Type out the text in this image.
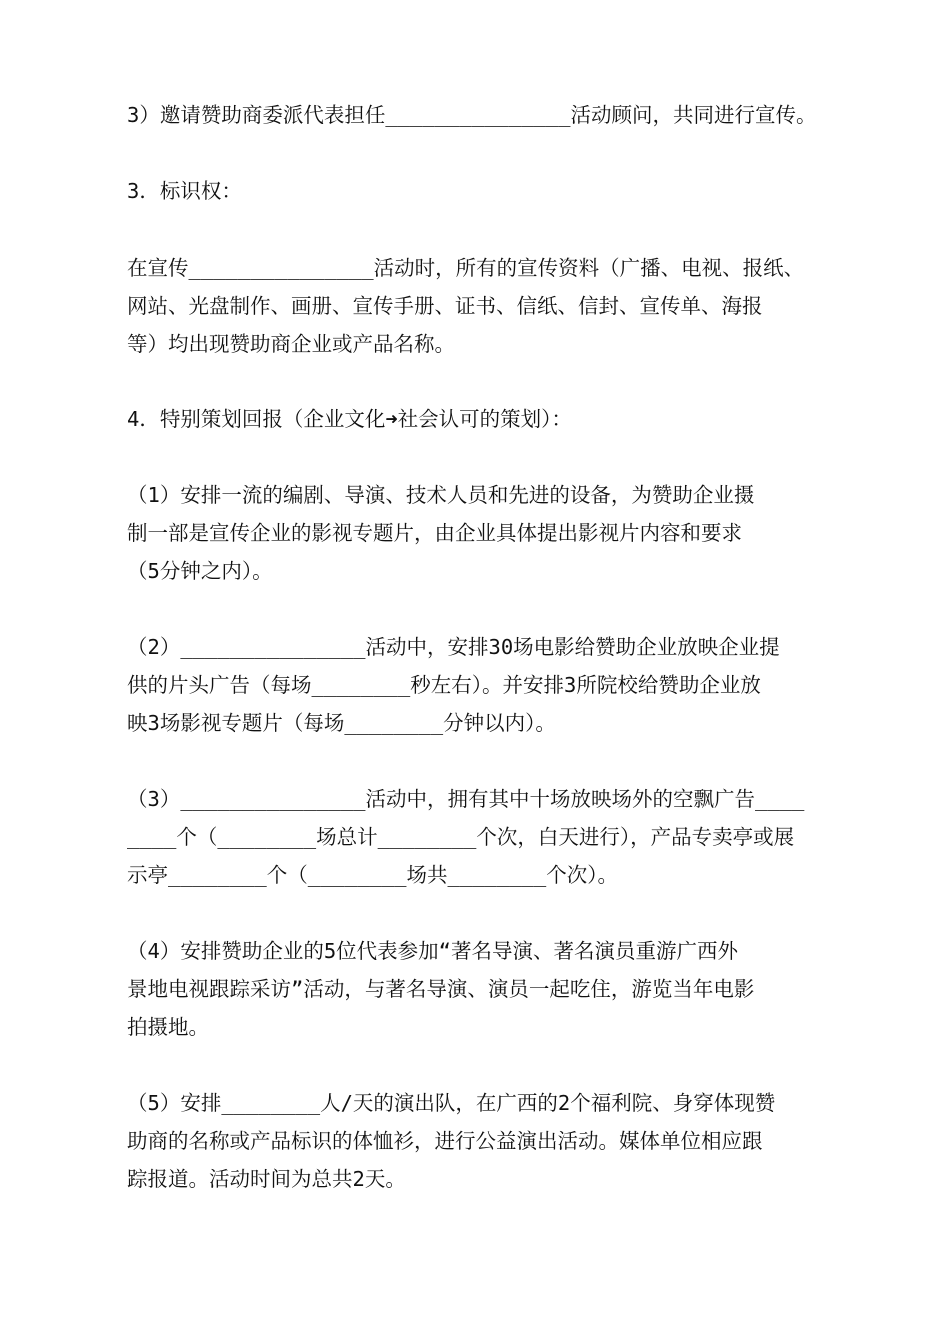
3）邀请赞助商委派代表担任_______________活动顾问，共同进行宣传。

3．标识权：

在宣传_______________活动时，所有的宣传资料（广播、电视、报纸、
网站、光盘制作、画册、宣传手册、证书、信纸、信封、宣传单、海报
等）均出现赞助商企业或产品名称。

4．特别策划回报（企业文化➜社会认可的策划）：

（1）安排一流的编剧、导演、技术人员和先进的设备，为赞助企业摄
制一部是宣传企业的影视专题片，由企业具体提出影视片内容和要求
（5分钟之内）。

（2）_______________活动中，安排30场电影给赞助企业放映企业提
供的片头广告（每场________秒左右）。并安排3所院校给赞助企业放
映3场影视专题片（每场________分钟以内）。

（3）_______________活动中，拥有其中十场放映场外的空飘广告____
____个（________场总计________个次，白天进行），产品专卖亭或展
示亭________个（________场共________个次）。

（4）安排赞助企业的5位代表参加“著名导演、著名演员重游广西外
景地电视跟踪采访”活动，与著名导演、演员一起吃住，游览当年电影
拍摄地。

（5）安排________人/天的演出队，在广西的2个福利院、身穿体现赞
助商的名称或产品标识的体恤衫，进行公益演出活动。媒体单位相应跟
踪报道。活动时间为总共2天。
